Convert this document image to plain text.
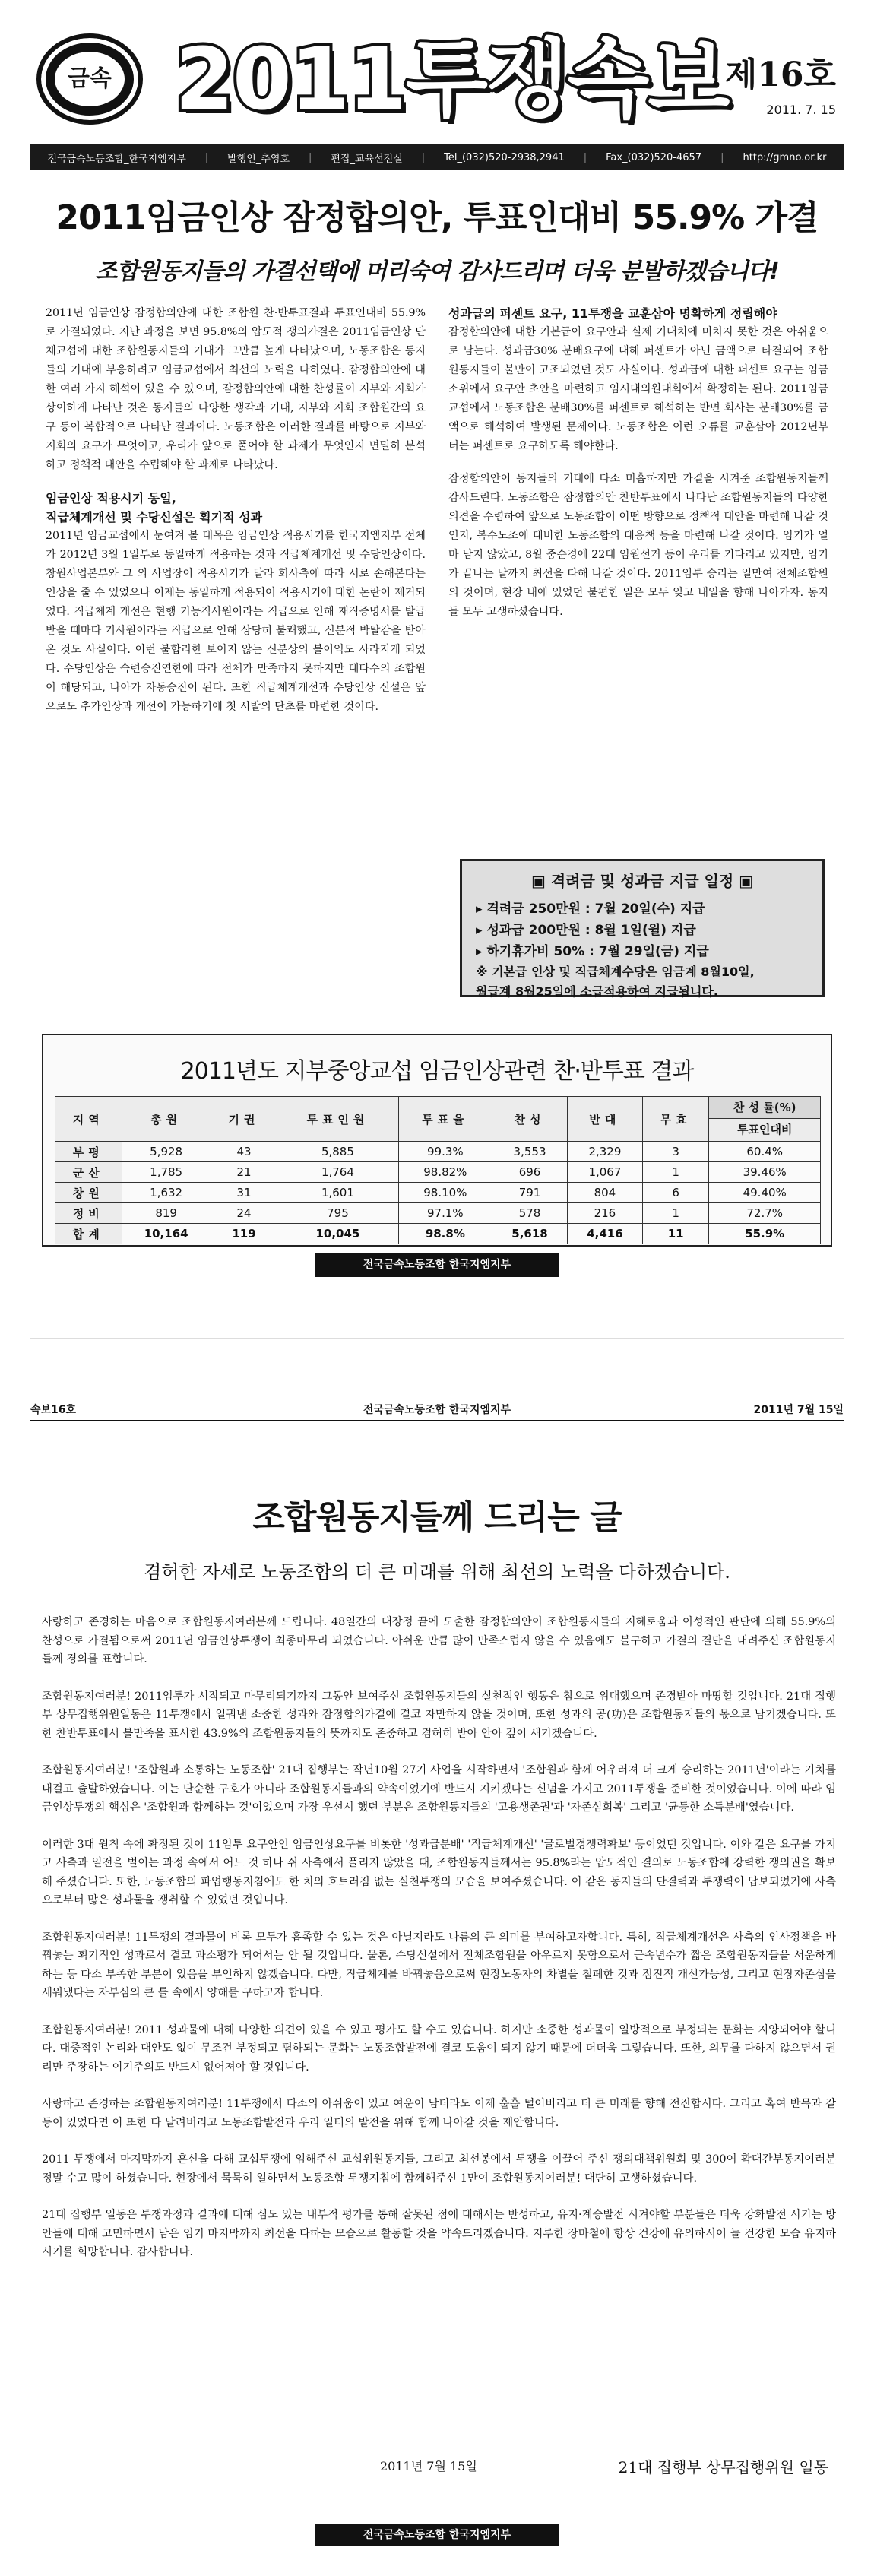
금속 2011투쟁속보
제16호
2011. 7. 15
전국금속노동조합_한국지엠지부 | 발행인_추영호 | 편집_교육선전실 | Tel_(032)520-2938,2941 | Fax_(032)520-4657 | http://gmno.or.kr
2011임금인상 잠정합의안, 투표인대비 55.9% 가결
조합원동지들의 가결선택에 머리숙여 감사드리며 더욱 분발하겠습니다!

2011년 임금인상 잠정합의안에 대한 조합원 찬·반투표결과 투표인대비 55.9%로 가결되었다. 지난 과정을 보면 95.8%의 압도적 쟁의가결은 2011임금인상 단체교섭에 대한 조합원동지들의 기대가 그만큼 높게 나타났으며, 노동조합은 동지들의 기대에 부응하려고 임금교섭에서 최선의 노력을 다하였다. 잠정합의안에 대한 여러 가지 해석이 있을 수 있으며, 잠정합의안에 대한 찬성률이 지부와 지회가 상이하게 나타난 것은 동지들의 다양한 생각과 기대, 지부와 지회 조합원간의 요구 등이 복합적으로 나타난 결과이다. 노동조합은 이러한 결과를 바탕으로 지부와 지회의 요구가 무엇이고, 우리가 앞으로 풀어야 할 과제가 무엇인지 면밀히 분석하고 정책적 대안을 수립해야 할 과제로 나타났다.

임금인상 적용시기 동일,
직급체계개선 및 수당신설은 획기적 성과

2011년 임금교섭에서 눈여겨 볼 대목은 임금인상 적용시기를 한국지엠지부 전체가 2012년 3월 1일부로 동일하게 적용하는 것과 직급체계개선 및 수당인상이다. 창원사업본부와 그 외 사업장이 적용시기가 달라 회사측에 따라 서로 손해본다는 인상을 줄 수 있었으나 이제는 동일하게 적용되어 적용시기에 대한 논란이 제거되었다. 직급체계 개선은 현행 기능직사원이라는 직급으로 인해 재직증명서를 발급받을 때마다 기사원이라는 직급으로 인해 상당히 불쾌했고, 신분적 박탈감을 받아온 것도 사실이다. 이런 불합리한 보이지 않는 신분상의 불이익도 사라지게 되었다. 수당인상은 숙련승진연한에 따라 전체가 만족하지 못하지만 대다수의 조합원이 해당되고, 나아가 자동승진이 된다. 또한 직급체계개선과 수당인상 신설은 앞으로도 추가인상과 개선이 가능하기에 첫 시발의 단초를 마련한 것이다.

성과급의 퍼센트 요구, 11투쟁을 교훈삼아 명확하게 정립해야

잠정합의안에 대한 기본급이 요구안과 실제 기대치에 미치지 못한 것은 아쉬움으로 남는다. 성과급30% 분배요구에 대해 퍼센트가 아닌 금액으로 타결되어 조합원동지들이 불만이 고조되었던 것도 사실이다. 성과급에 대한 퍼센트 요구는 임금소위에서 요구안 초안을 마련하고 임시대의원대회에서 확정하는 된다. 2011임금교섭에서 노동조합은 분배30%를 퍼센트로 해석하는 반면 회사는 분배30%를 금액으로 해석하여 발생된 문제이다. 노동조합은 이런 오류를 교훈삼아 2012년부터는 퍼센트로 요구하도록 해야한다.

잠정합의안이 동지들의 기대에 다소 미흡하지만 가결을 시켜준 조합원동지들께 감사드린다. 노동조합은 잠정합의안 찬반투표에서 나타난 조합원동지들의 다양한 의견을 수렴하여 앞으로 노동조합이 어떤 방향으로 정책적 대안을 마련해 나갈 것인지, 복수노조에 대비한 노동조합의 대응책 등을 마련해 나갈 것이다. 임기가 얼마 남지 않았고, 8월 중순경에 22대 임원선거 등이 우리를 기다리고 있지만, 임기가 끝나는 날까지 최선을 다해 나갈 것이다. 2011임투 승리는 일만여 전체조합원의 것이며, 현장 내에 있었던 불편한 일은 모두 잊고 내일을 향해 나아가자. 동지들 모두 고생하셨습니다.

▣ 격려금 및 성과금 지급 일정 ▣
▸ 격려금 250만원 : 7월 20일(수) 지급
▸ 성과급 200만원 : 8월 1일(월) 지급
▸ 하기휴가비 50% : 7월 29일(금) 지급
※ 기본급 인상 및 직급체계수당은 임금계 8월10일,
월급계 8월25일에 소급적용하여 지급됩니다.
2011년도 지부중앙교섭 임금인상관련 찬·반투표 결과
지역	총원	기권	투표인원	투표율	찬성	반대	무효	찬 성 률(%)
투표인대비

부평	5,928	43	5,885	99.3%	3,553	2,329	3	60.4%
군산	1,785	21	1,764	98.82%	696	1,067	1	39.46%
창원	1,632	31	1,601	98.10%	791	804	6	49.40%
정비	819	24	795	97.1%	578	216	1	72.7%
합계	10,164	119	10,045	98.8%	5,618	4,416	11	55.9%
전국금속노동조합 한국지엠지부
전국금속노동조합 한국지엠지부
속보16호	2011년 7월 15일
조합원동지들께 드리는 글
겸허한 자세로 노동조합의 더 큰 미래를 위해 최선의 노력을 다하겠습니다.

사랑하고 존경하는 마음으로 조합원동지여러분께 드립니다. 48일간의 대장정 끝에 도출한 잠정합의안이 조합원동지들의 지혜로움과 이성적인 판단에 의해 55.9%의 찬성으로 가결됨으로써 2011년 임금인상투쟁이 최종마무리 되었습니다. 아쉬운 만큼 많이 만족스럽지 않을 수 있음에도 불구하고 가결의 결단을 내려주신 조합원동지들께 경의를 표합니다.

조합원동지여러분! 2011임투가 시작되고 마무리되기까지 그동안 보여주신 조합원동지들의 실천적인 행동은 참으로 위대했으며 존경받아 마땅할 것입니다. 21대 집행부 상무집행위원일동은 11투쟁에서 일궈낸 소중한 성과와 잠정합의가결에 결코 자만하지 않을 것이며, 또한 성과의 공(功)은 조합원동지들의 몫으로 남기겠습니다. 또한 찬반투표에서 불만족을 표시한 43.9%의 조합원동지들의 뜻까지도 존중하고 겸허히 받아 안아 깊이 새기겠습니다.

조합원동지여러분! '조합원과 소통하는 노동조합' 21대 집행부는 작년10월 27기 사업을 시작하면서 '조합원과 함께 어우러져 더 크게 승리하는 2011년'이라는 기치를 내걸고 출발하였습니다. 이는 단순한 구호가 아니라 조합원동지들과의 약속이었기에 반드시 지키겠다는 신념을 가지고 2011투쟁을 준비한 것이었습니다. 이에 따라 임금인상투쟁의 핵심은 '조합원과 함께하는 것'이었으며 가장 우선시 했던 부분은 조합원동지들의 '고용생존권'과 '자존심회복' 그리고 '균등한 소득분배'였습니다.

이러한 3대 원칙 속에 확정된 것이 11임투 요구안인 임금인상요구를 비롯한 '성과급분배' '직급체계개선' '글로벌경쟁력확보' 등이었던 것입니다. 이와 같은 요구를 가지고 사측과 일전을 벌이는 과정 속에서 어느 것 하나 쉬 사측에서 풀리지 않았을 때, 조합원동지들께서는 95.8%라는 압도적인 결의로 노동조합에 강력한 쟁의권을 확보해 주셨습니다. 또한, 노동조합의 파업행동지침에도 한 치의 흐트러짐 없는 실천투쟁의 모습을 보여주셨습니다. 이 같은 동지들의 단결력과 투쟁력이 답보되었기에 사측으로부터 많은 성과물을 쟁취할 수 있었던 것입니다.

조합원동지여러분! 11투쟁의 결과물이 비록 모두가 흡족할 수 있는 것은 아닐지라도 나름의 큰 의미를 부여하고자합니다. 특히, 직급체계개선은 사측의 인사정책을 바꿔놓는 획기적인 성과로서 결코 과소평가 되어서는 안 될 것입니다. 물론, 수당신설에서 전체조합원을 아우르지 못함으로서 근속년수가 짧은 조합원동지들을 서운하게 하는 등 다소 부족한 부분이 있음을 부인하지 않겠습니다. 다만, 직급체계를 바꿔놓음으로써 현장노동자의 차별을 철폐한 것과 점진적 개선가능성, 그리고 현장자존심을 세워냈다는 자부심의 큰 틀 속에서 양해를 구하고자 합니다.

조합원동지여러분! 2011 성과물에 대해 다양한 의견이 있을 수 있고 평가도 할 수도 있습니다. 하지만 소중한 성과물이 일방적으로 부정되는 문화는 지양되어야 할니다. 대중적인 논리와 대안도 없이 무조건 부정되고 폄하되는 문화는 노동조합발전에 결코 도움이 되지 않기 때문에 더더욱 그렇습니다. 또한, 의무를 다하지 않으면서 권리만 주장하는 이기주의도 반드시 없어져야 할 것입니다.

사랑하고 존경하는 조합원동지여러분! 11투쟁에서 다소의 아쉬움이 있고 여운이 남더라도 이제 훌훌 털어버리고 더 큰 미래를 향해 전진합시다. 그리고 혹여 반목과 갈등이 있었다면 이 또한 다 날려버리고 노동조합발전과 우리 일터의 발전을 위해 함께 나아갈 것을 제안합니다.

2011 투쟁에서 마지막까지 흔신을 다해 교섭투쟁에 임해주신 교섭위원동지들, 그리고 최선봉에서 투쟁을 이끌어 주신 쟁의대책위원회 및 300여 확대간부동지여러분 정말 수고 많이 하셨습니다. 현장에서 묵묵히 일하면서 노동조합 투쟁지침에 함께해주신 1만여 조합원동지여러분! 대단히 고생하셨습니다.

21대 집행부 일동은 투쟁과정과 결과에 대해 심도 있는 내부적 평가를 통해 잘못된 점에 대해서는 반성하고, 유지·계승발전 시켜야할 부분들은 더욱 강화발전 시키는 방안들에 대해 고민하면서 남은 임기 마지막까지 최선을 다하는 모습으로 활동할 것을 약속드리겠습니다. 지루한 장마철에 항상 건강에 유의하시어 늘 건강한 모습 유지하시기를 희망합니다. 감사합니다.

2011년 7월 15일	21대 집행부 상무집행위원 일동
전국금속노동조합 한국지엠지부
